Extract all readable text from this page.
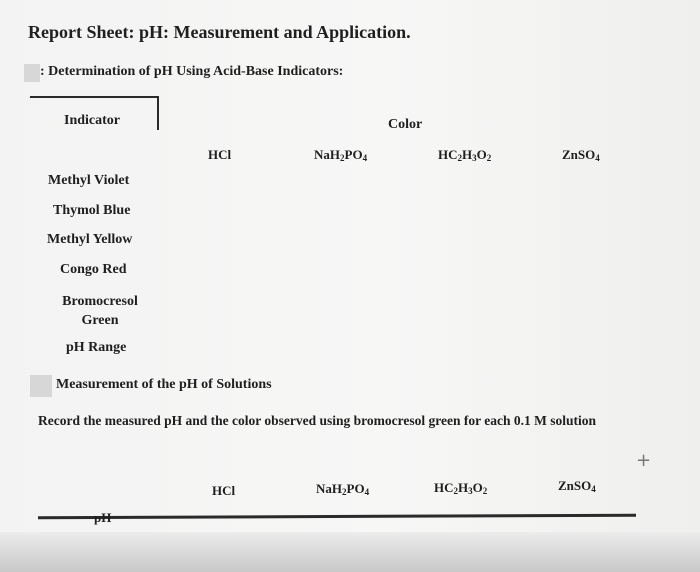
Report Sheet: pH: Measurement and Application.
: Determination of pH Using Acid-Base Indicators:
Indicator	Color
HCl	$NaH_2PO_4$	$HC_2H_3O_2$	ZnSO$_4$
Methyl Violet
Thymol Blue
Methyl Yellow
Congo Red
Bromocresol Green
pH Range
Measurement of the pH of Solutions
Record the measured pH and the color observed using bromocresol green for each 0.1 M solution
+
HCl	$NaH_2PO_4$	$HC_2H_3O_2$	ZnSO$_4$
pH
